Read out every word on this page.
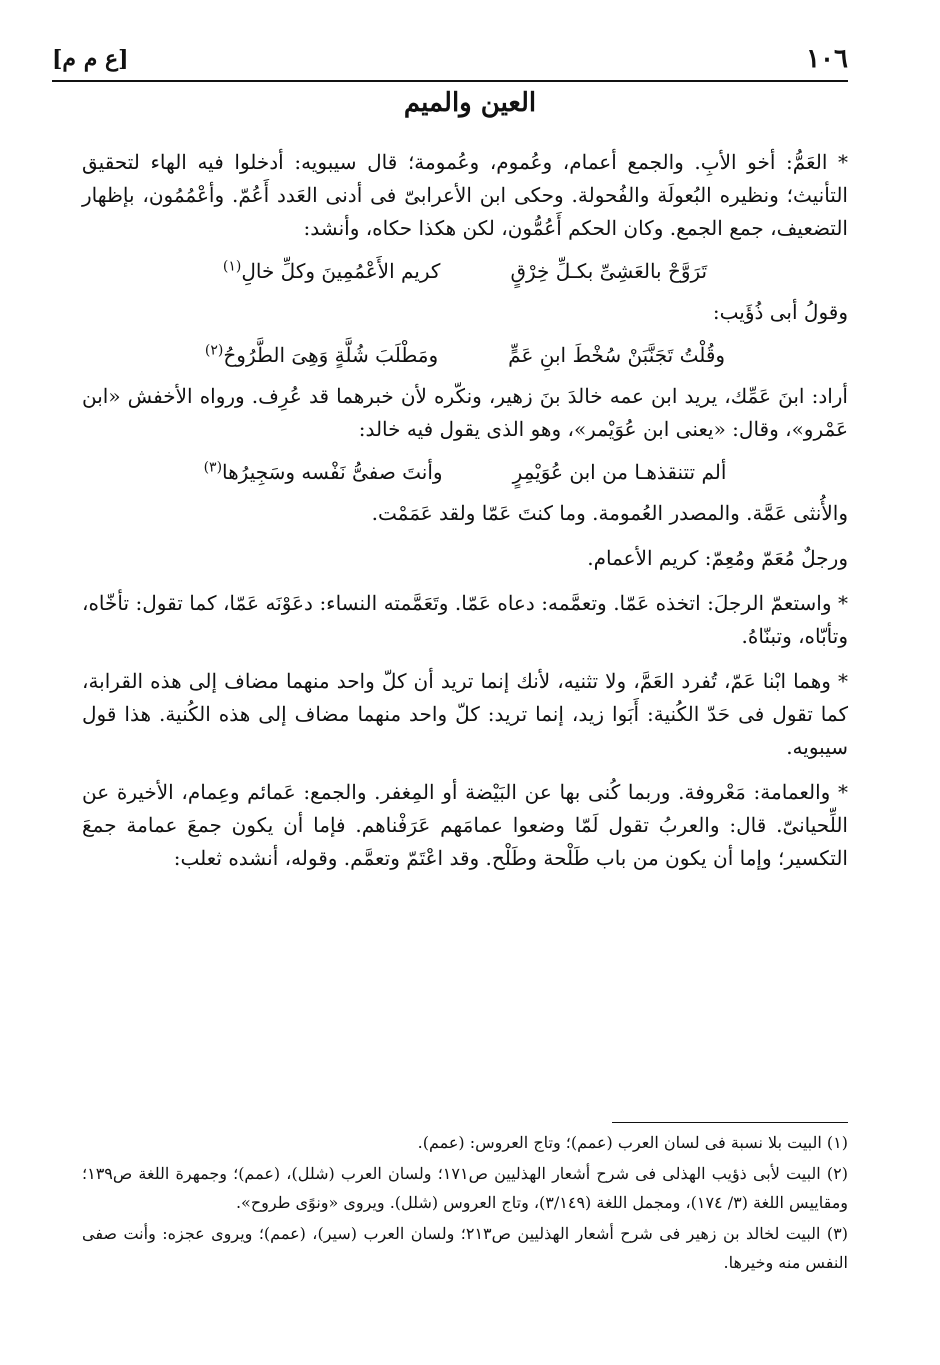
١٠٦
[ع م م]
العين والميم

* العَمُّ: أخو الأبِ. والجمع أعمام، وعُموم، وعُمومة؛ قال سيبويه: أدخلوا فيه الهاء لتحقيق التأنيث؛ ونظيره البُعولَة والفُحولة. وحكى ابن الأعرابىّ فى أدنى العَدد أَعُمّ. وأعْمُمُون، بإظهار التضعيف، جمع الجمع. وكان الحكم أَعُمُّون، لكن هكذا حكاه، وأنشد:

تَرَوَّحْ بالعَشِىِّ بكـلِّ خِرْقٍ
كريم الأَعْمُمِينَ وكلِّ خالِ$^{(١)}$

وقولُ أبى ذُؤَيب:

وقُلْتُ تَجَنَّبَنْ سُخْطَ ابنِ عَمٍّ
ومَطْلَبَ شُلَّةٍ وَهِىَ الطَّرُوحُ$^{(٢)}$

أراد: ابنَ عَمِّك، يريد ابن عمه خالدَ بنَ زهير، ونكّره لأن خبرهما قد عُرِف. ورواه الأخفش «ابن عَمْرو»، وقال: «يعنى ابن عُوَيْمر»، وهو الذى يقول فيه خالد:

ألم تتنقذهـا من ابن عُوَيْمِرٍ
وأنتَ صفىُّ نَفْسه وسَجِيرُها$^{(٣)}$

والأُنثى عَمَّة. والمصدر العُمومة. وما كنتَ عَمّا ولقد عَمَمْت.

ورجلٌ مُعَمّ ومُعِمّ: كريم الأعمام.

* واستعمّ الرجلَ: اتخذه عَمّا. وتعمَّمه: دعاه عَمّا. وتَعَمَّمته النساء: دعَوْنَه عَمّا، كما تقول: تأخّاه، وتأبّاه، وتبنّاهُ.

* وهما ابْنا عَمّ، تُفرد العَمَّ، ولا تثنيه، لأنك إنما تريد أن كلّ واحد منهما مضاف إلى هذه القرابة، كما تقول فى حَدّ الكُنية: أَبَوا زيد، إنما تريد: كلّ واحد منهما مضاف إلى هذه الكُنية. هذا قول سيبويه.

* والعمامة: مَعْروفة. وربما كُنى بها عن البَيْضة أو المِغفر. والجمع: عَمائم وعِمام، الأخيرة عن اللِّحيانىّ. قال: والعربُ تقول لَمّا وضعوا عمامَهم عَرَفْناهم. فإما أن يكون جمعَ عمامة جمعَ التكسير؛ وإما أن يكون من باب طَلْحة وطَلْح. وقد اعْتَمّ وتعمَّم. وقوله، أنشده ثعلب:

(١) البيت بلا نسبة فى لسان العرب (عمم)؛ وتاج العروس: (عمم).

(٢) البيت لأبى ذؤيب الهذلى فى شرح أشعار الهذليين ص١٧١؛ ولسان العرب (شلل)، (عمم)؛ وجمهرة اللغة ص١٣٩؛ ومقاييس اللغة (٣/ ١٧٤)، ومجمل اللغة (٣/١٤٩)، وتاج العروس (شلل). ويروى «ونوًى طروح».

(٣) البيت لخالد بن زهير فى شرح أشعار الهذليين ص٢١٣؛ ولسان العرب (سير)، (عمم)؛ ويروى عجزه: وأنت صفى النفس منه وخيرها.
